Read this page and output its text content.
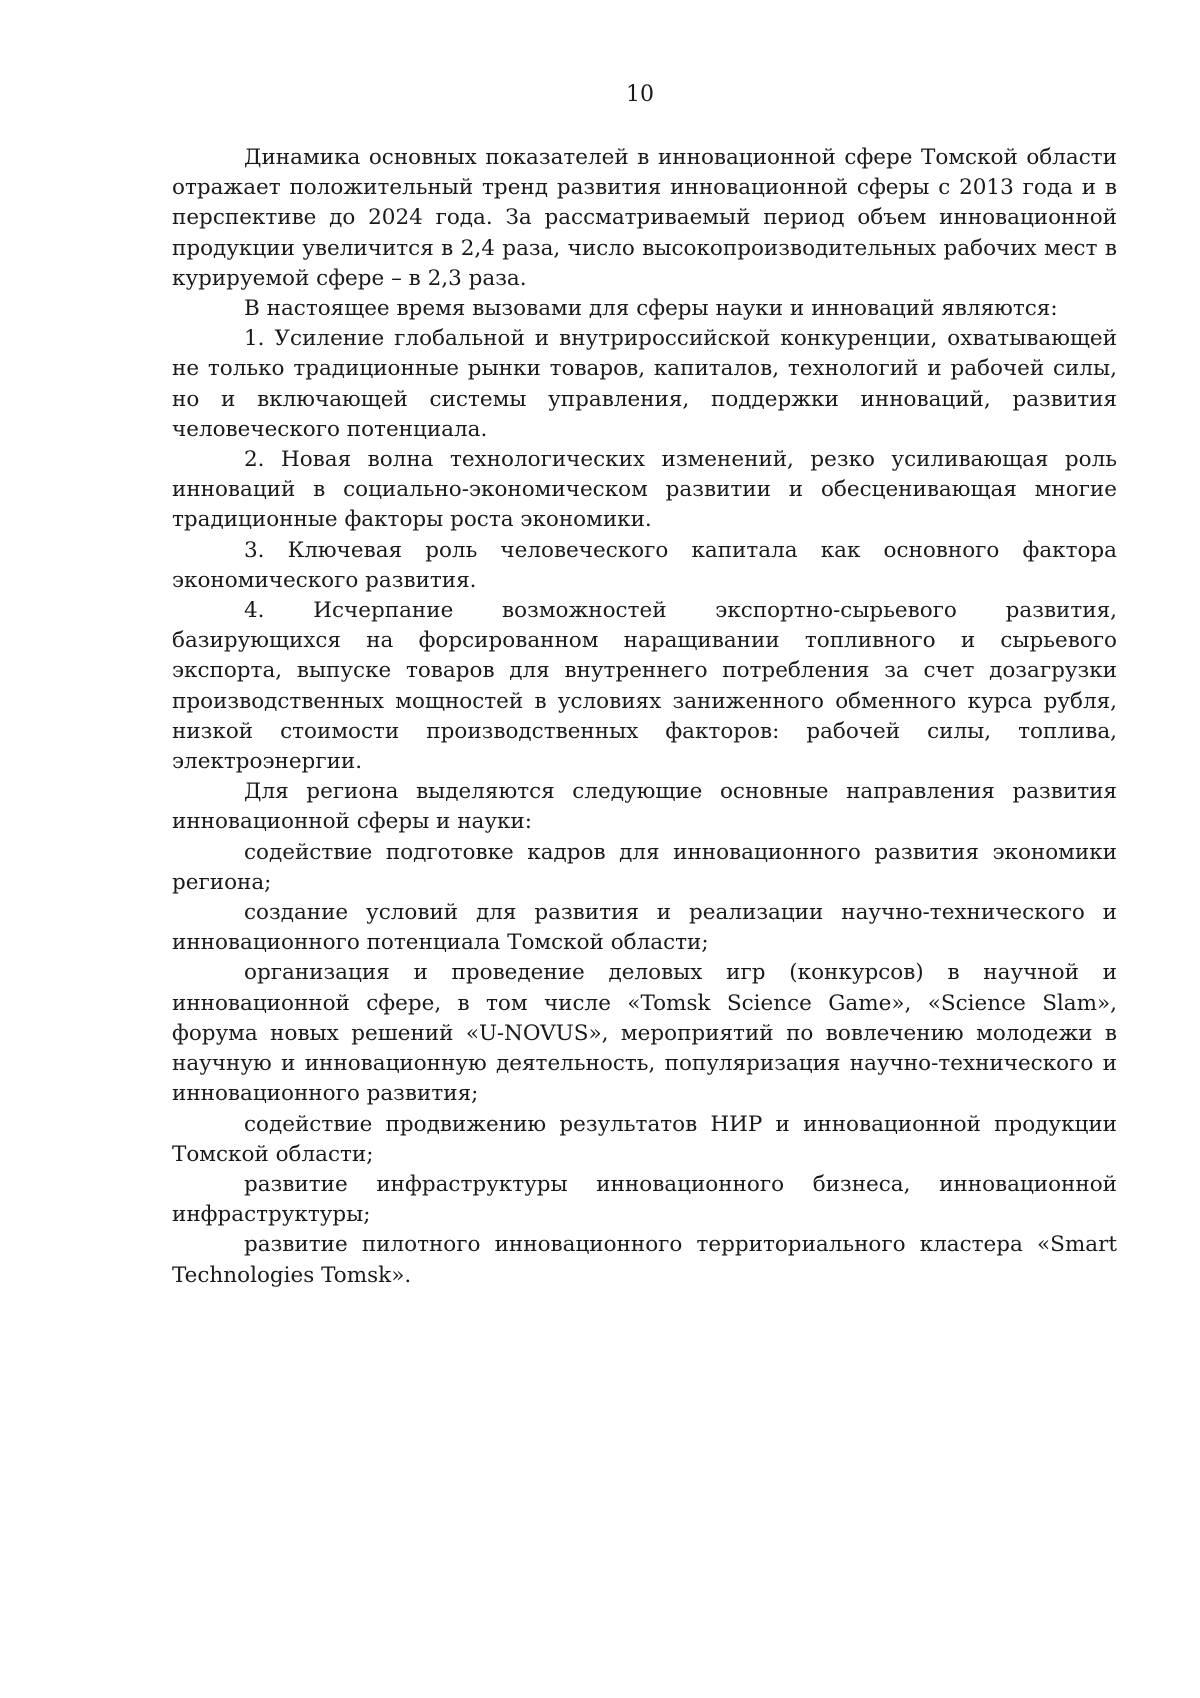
10

Динамика основных показателей в инновационной сфере Томской области отражает положительный тренд развития инновационной сферы с 2013 года и в перспективе до 2024 года. За рассматриваемый период объем инновационной продукции увеличится в 2,4 раза, число высокопроизводительных рабочих мест в курируемой сфере – в 2,3 раза.

В настоящее время вызовами для сферы науки и инноваций являются:

1. Усиление глобальной и внутрироссийской конкуренции, охватывающей не только традиционные рынки товаров, капиталов, технологий и рабочей силы, но и включающей системы управления, поддержки инноваций, развития человеческого потенциала.

2. Новая волна технологических изменений, резко усиливающая роль инноваций в социально-экономическом развитии и обесценивающая многие традиционные факторы роста экономики.

3. Ключевая роль человеческого капитала как основного фактора экономического развития.

4. Исчерпание возможностей экспортно-сырьевого развития, базирующихся на форсированном наращивании топливного и сырьевого экспорта, выпуске товаров для внутреннего потребления за счет дозагрузки производственных мощностей в условиях заниженного обменного курса рубля, низкой стоимости производственных факторов: рабочей силы, топлива, электроэнергии.

Для региона выделяются следующие основные направления развития инновационной сферы и науки:

содействие подготовке кадров для инновационного развития экономики региона;

создание условий для развития и реализации научно-технического и инновационного потенциала Томской области;

организация и проведение деловых игр (конкурсов) в научной и инновационной сфере, в том числе «Tomsk Science Game», «Science Slam», форума новых решений «U-NOVUS», мероприятий по вовлечению молодежи в научную и инновационную деятельность, популяризация научно-технического и инновационного развития;

содействие продвижению результатов НИР и инновационной продукции Томской области;

развитие инфраструктуры инновационного бизнеса, инновационной инфраструктуры;

развитие пилотного инновационного территориального кластера «Smart Technologies Tomsk».
